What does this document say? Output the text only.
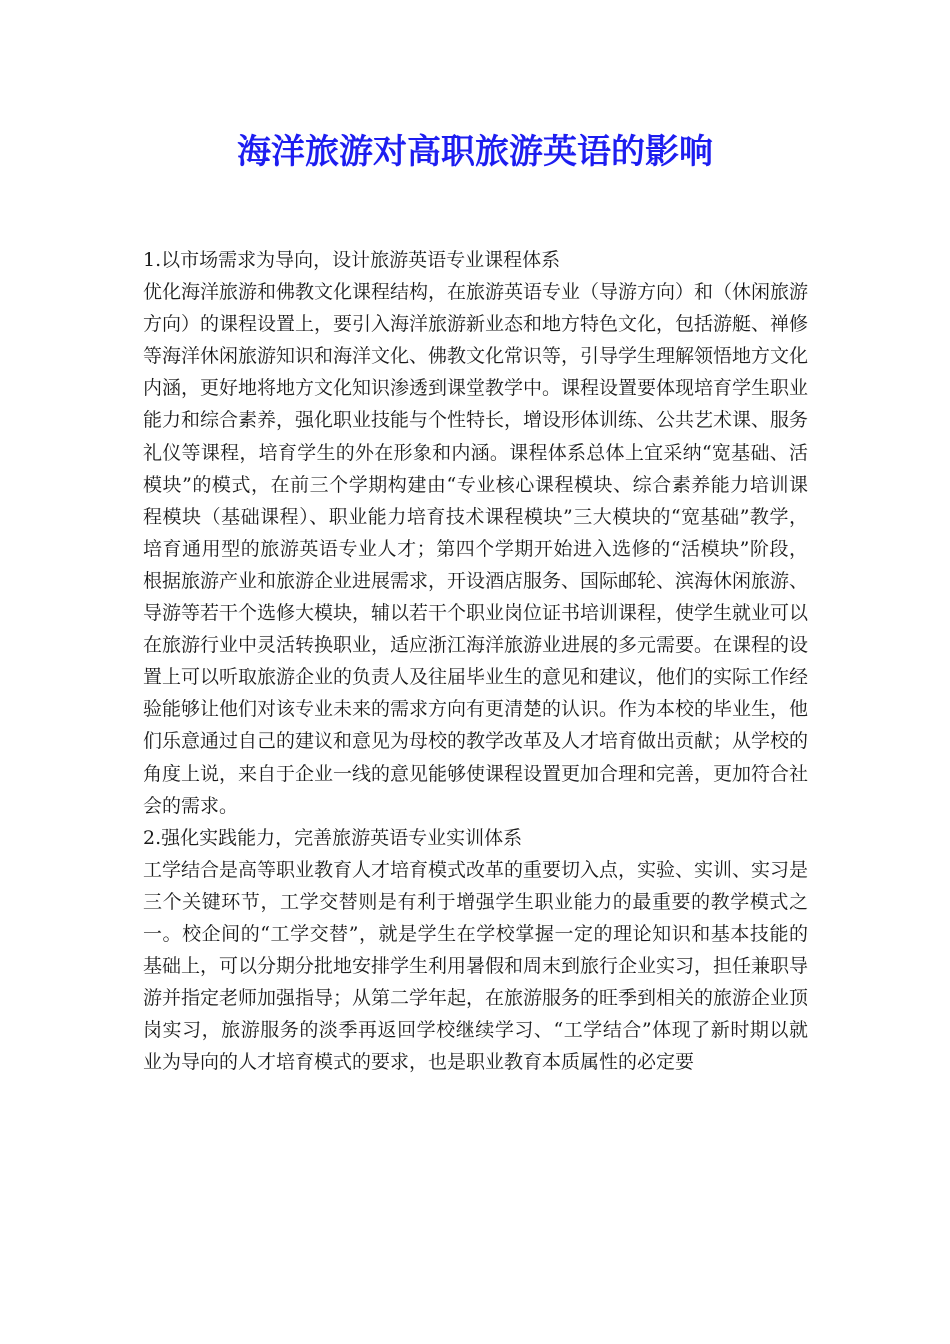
海洋旅游对高职旅游英语的影响

1.以市场需求为导向，设计旅游英语专业课程体系

优化海洋旅游和佛教文化课程结构，在旅游英语专业（导游方向）和（休闲旅游方向）的课程设置上，要引入海洋旅游新业态和地方特色文化，包括游艇、禅修等海洋休闲旅游知识和海洋文化、佛教文化常识等，引导学生理解领悟地方文化内涵，更好地将地方文化知识渗透到课堂教学中。课程设置要体现培育学生职业能力和综合素养，强化职业技能与个性特长，增设形体训练、公共艺术课、服务礼仪等课程，培育学生的外在形象和内涵。课程体系总体上宜采纳“宽基础、活模块”的模式，在前三个学期构建由“专业核心课程模块、综合素养能力培训课程模块（基础课程）、职业能力培育技术课程模块”三大模块的“宽基础”教学，培育通用型的旅游英语专业人才；第四个学期开始进入选修的“活模块”阶段，根据旅游产业和旅游企业进展需求，开设酒店服务、国际邮轮、滨海休闲旅游、导游等若干个选修大模块，辅以若干个职业岗位证书培训课程，使学生就业可以在旅游行业中灵活转换职业，适应浙江海洋旅游业进展的多元需要。在课程的设置上可以听取旅游企业的负责人及往届毕业生的意见和建议，他们的实际工作经验能够让他们对该专业未来的需求方向有更清楚的认识。作为本校的毕业生，他们乐意通过自己的建议和意见为母校的教学改革及人才培育做出贡献；从学校的角度上说，来自于企业一线的意见能够使课程设置更加合理和完善，更加符合社会的需求。

2.强化实践能力，完善旅游英语专业实训体系

工学结合是高等职业教育人才培育模式改革的重要切入点，实验、实训、实习是三个关键环节，工学交替则是有利于增强学生职业能力的最重要的教学模式之一。校企间的“工学交替”，就是学生在学校掌握一定的理论知识和基本技能的基础上，可以分期分批地安排学生利用暑假和周末到旅行企业实习，担任兼职导游并指定老师加强指导；从第二学年起，在旅游服务的旺季到相关的旅游企业顶岗实习，旅游服务的淡季再返回学校继续学习、“工学结合”体现了新时期以就业为导向的人才培育模式的要求，也是职业教育本质属性的必定要
